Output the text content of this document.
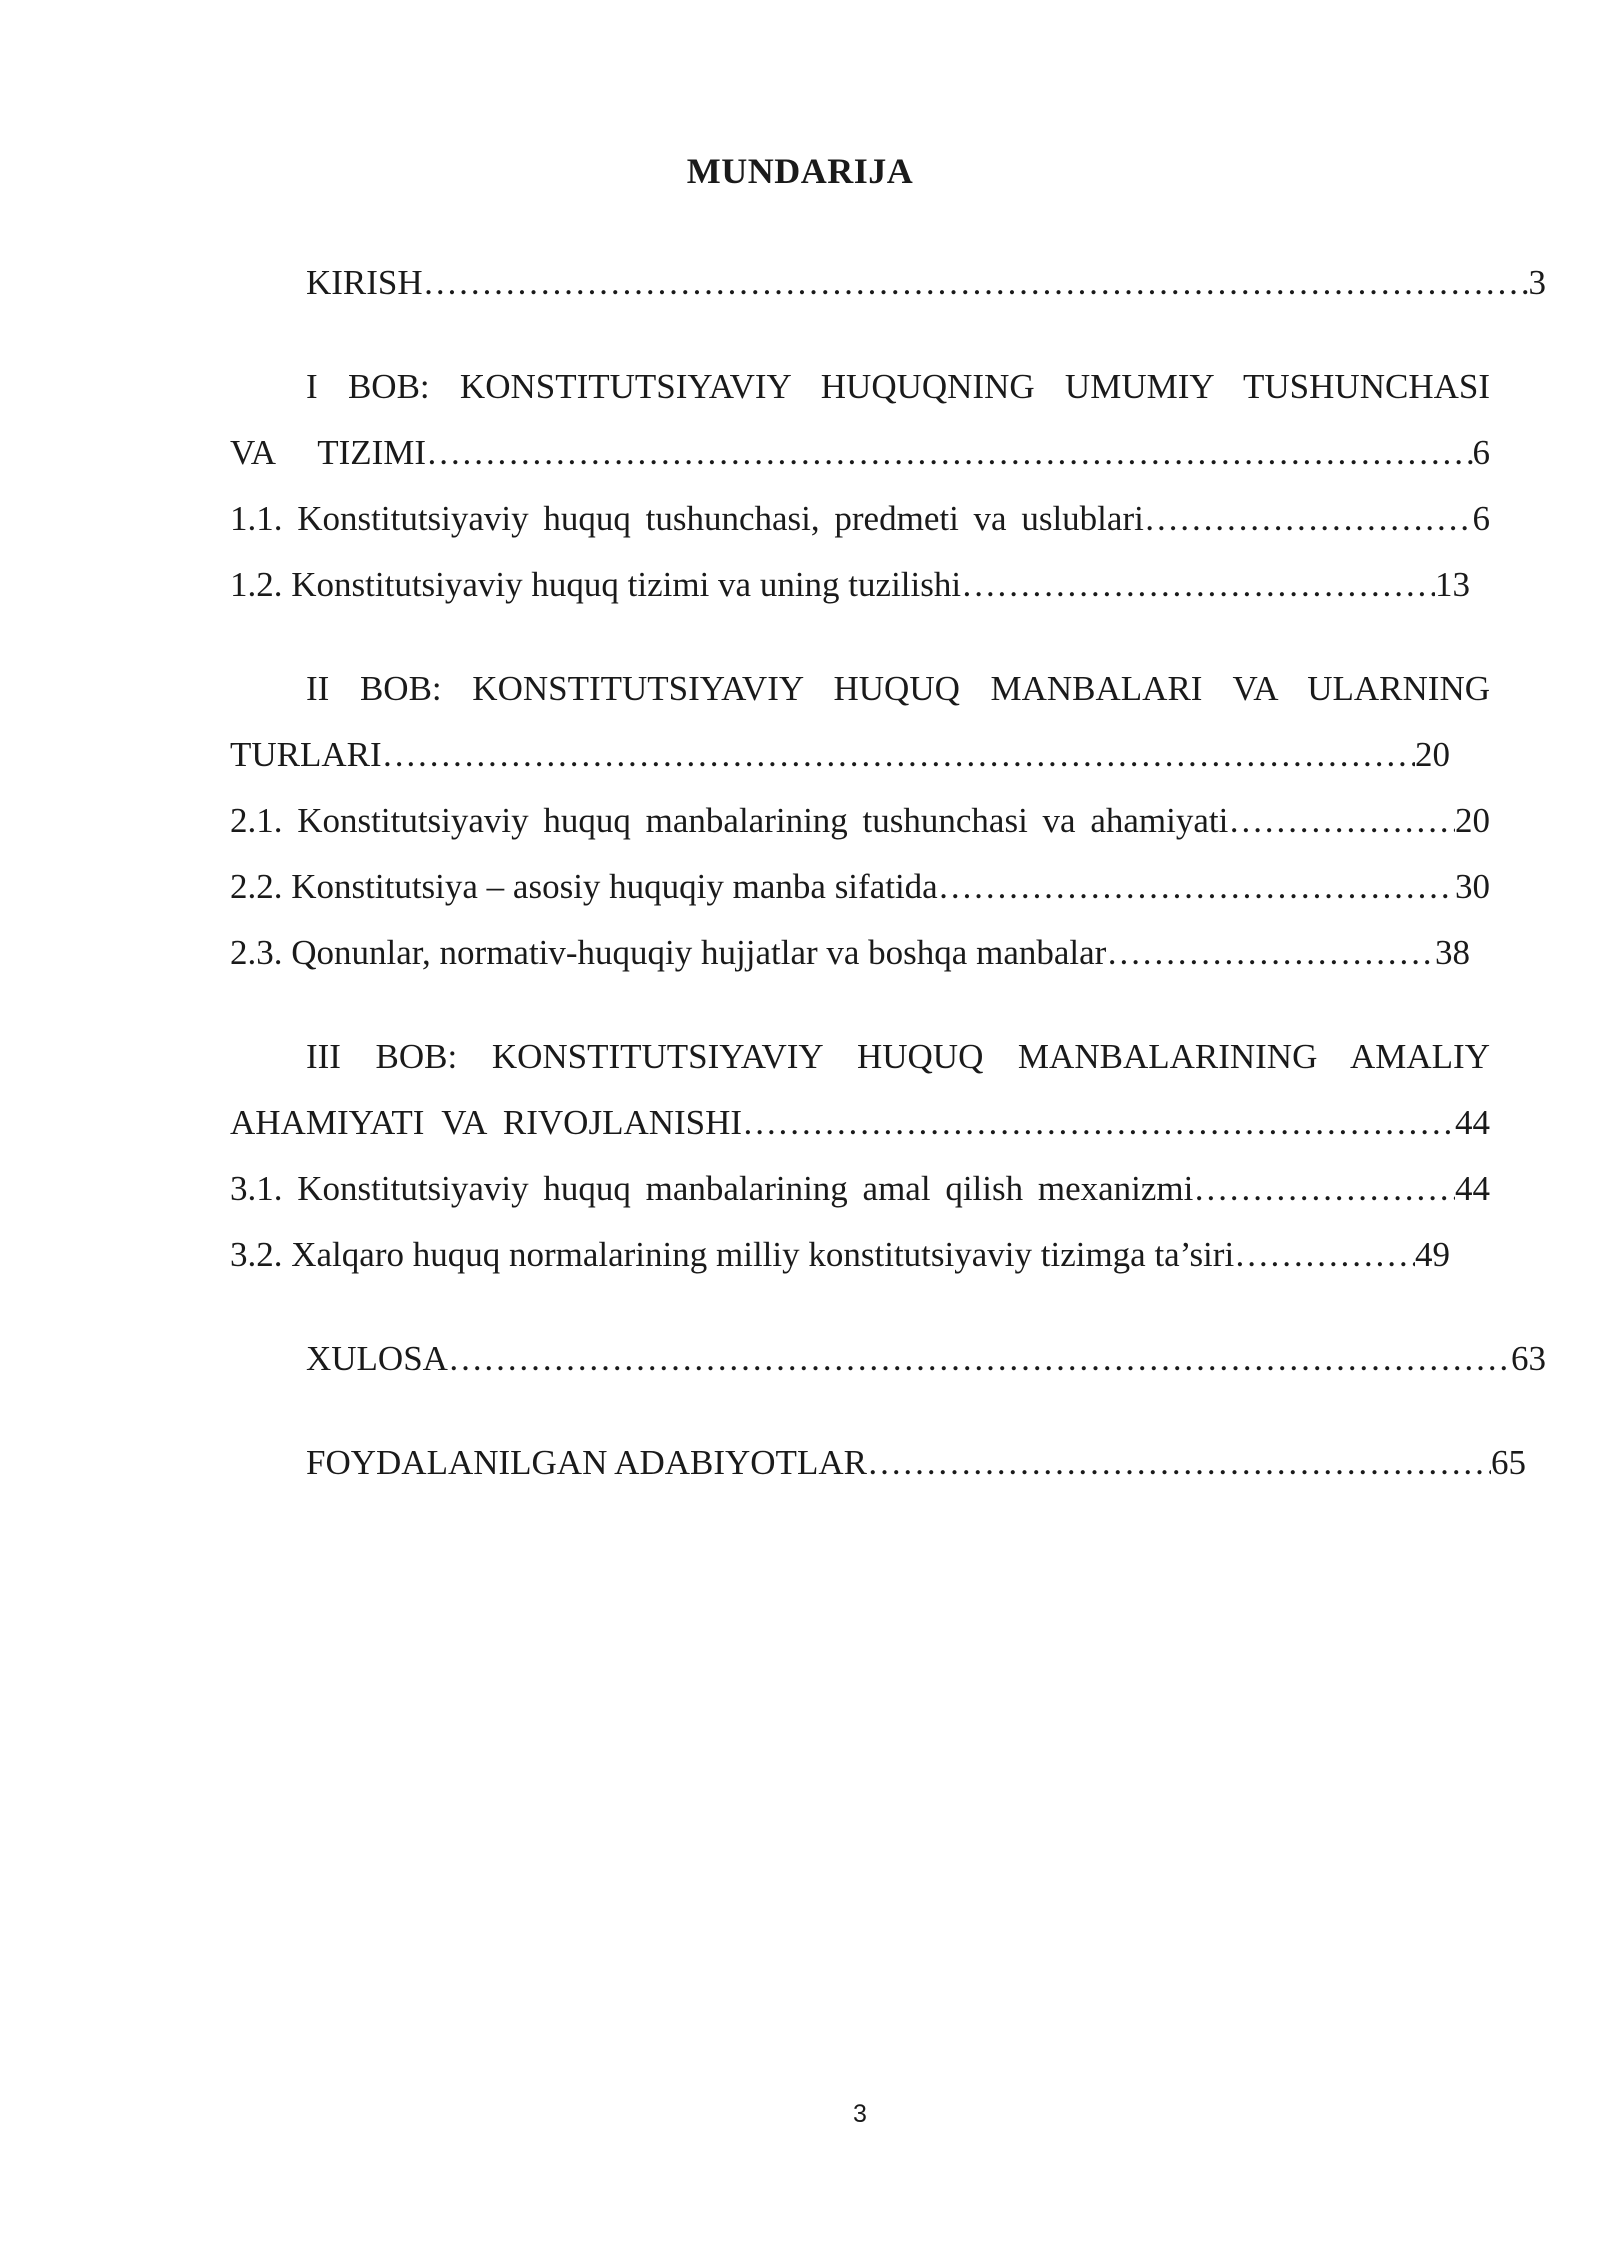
MUNDARIJA
KIRISH ……………………………………………………………………………………………………………………………………………………………………………………………………	3
I BOB: KONSTITUTSIYAVIY HUQUQNING UMUMIY TUSHUNCHASI
VA     TIZIMI ……………………………………………………………………………………………………………………………………………………………………………………………………	6
1.1. Konstitutsiyaviy huquq tushunchasi, predmeti va uslublari ……………………………………………………………………………………………………………………………………………………………………………………………………	6
1.2. Konstitutsiyaviy huquq tizimi va uning tuzilishi ……………………………………………………………………………………………………………………………………………………………………………………………………	13
II BOB: KONSTITUTSIYAVIY HUQUQ MANBALARI VA ULARNING
TURLARI ……………………………………………………………………………………………………………………………………………………………………………………………………	20
2.1. Konstitutsiyaviy huquq manbalarining tushunchasi va ahamiyati ……………………………………………………………………………………………………………………………………………………………………………………………………	20
2.2. Konstitutsiya – asosiy huquqiy manba sifatida ……………………………………………………………………………………………………………………………………………………………………………………………………	30
2.3. Qonunlar, normativ-huquqiy hujjatlar va boshqa manbalar ……………………………………………………………………………………………………………………………………………………………………………………………………	38
III BOB: KONSTITUTSIYAVIY HUQUQ MANBALARINING AMALIY
AHAMIYATI  VA  RIVOJLANISHI ……………………………………………………………………………………………………………………………………………………………………………………………………	44
3.1. Konstitutsiyaviy huquq manbalarining amal qilish mexanizmi ……………………………………………………………………………………………………………………………………………………………………………………………………	44
3.2. Xalqaro huquq normalarining milliy konstitutsiyaviy tizimga ta’siri ……………………………………………………………………………………………………………………………………………………………………………………………………	49
XULOSA ……………………………………………………………………………………………………………………………………………………………………………………………………	63
FOYDALANILGAN ADABIYOTLAR ……………………………………………………………………………………………………………………………………………………………………………………………………	65
3
